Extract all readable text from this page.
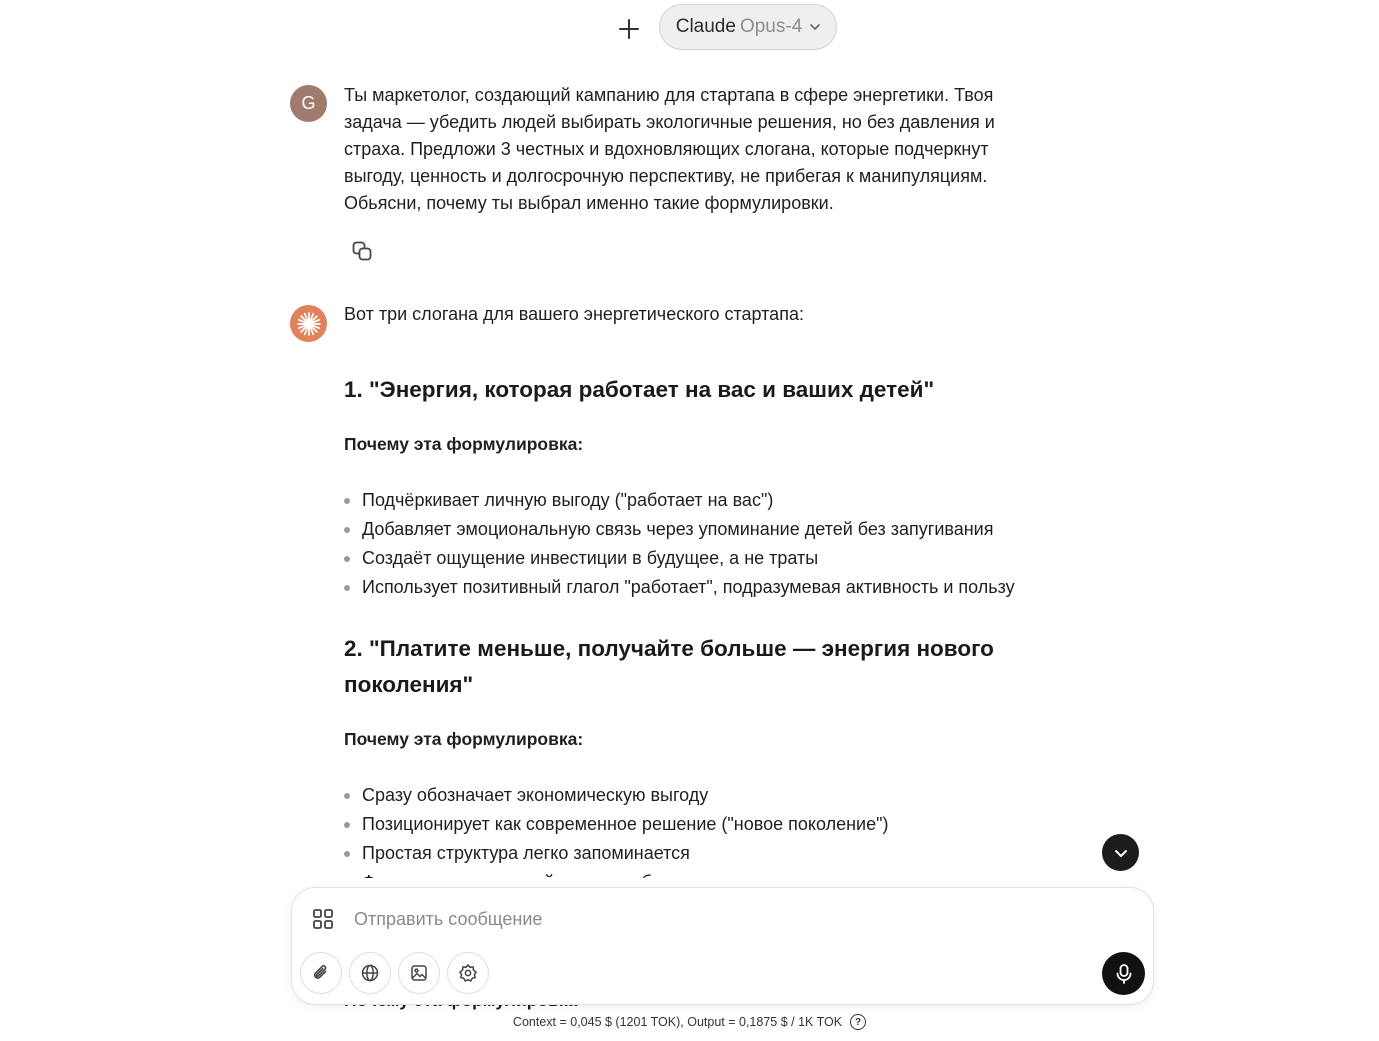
Claude Opus-4
G Ты маркетолог, создающий кампанию для стартапа в сфере энергетики. Твоя задача — убедить людей выбирать экологичные решения, но без давления и страха. Предложи 3 честных и вдохновляющих слогана, которые подчеркнут выгоду, ценность и долгосрочную перспективу, не прибегая к манипуляциям. Обьясни, почему ты выбрал именно такие формулировки.

Вот три слогана для вашего энергетического стартапа:

1. "Энергия, которая работает на вас и ваших детей"
Почему эта формулировка:
Подчёркивает личную выгоду ("работает на вас")
Добавляет эмоциональную связь через упоминание детей без запугивания
Создаёт ощущение инвестиции в будущее, а не траты
Использует позитивный глагол "работает", подразумевая активность и пользу
2. "Платите меньше, получайте больше — энергия нового поколения"
Почему эта формулировка:
Сразу обозначает экономическую выгоду
Позиционирует как современное решение ("новое поколение")
Простая структура легко запоминается
Отправить сообщение
Context = 0,045 $ (1201 TOK), Output = 0,1875 $ / 1K TOK	?
